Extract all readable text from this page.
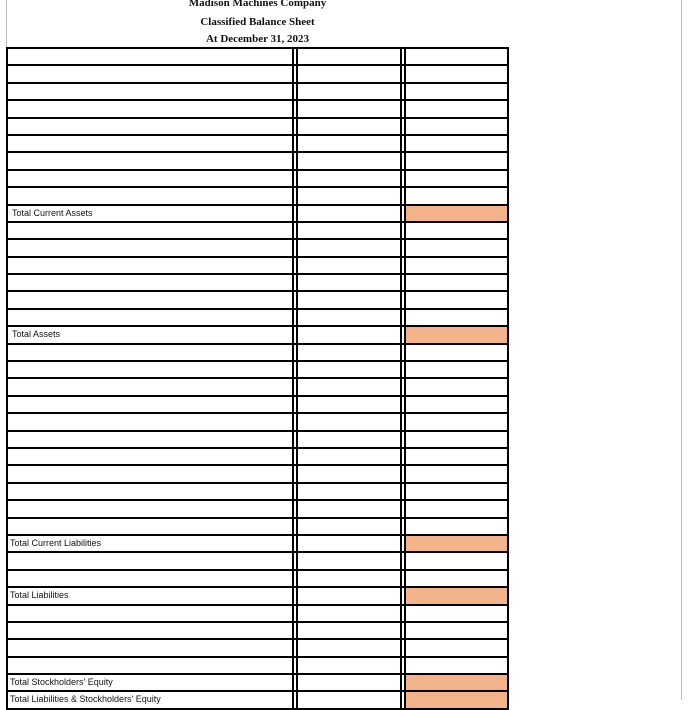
Madison Machines Company
Classified Balance Sheet
At December 31, 2023
Total Current Assets
Total Assets
Total Current Liabilities
Total Liabilities
Total Stockholders' Equity
Total Liabilities & Stockholders' Equity
